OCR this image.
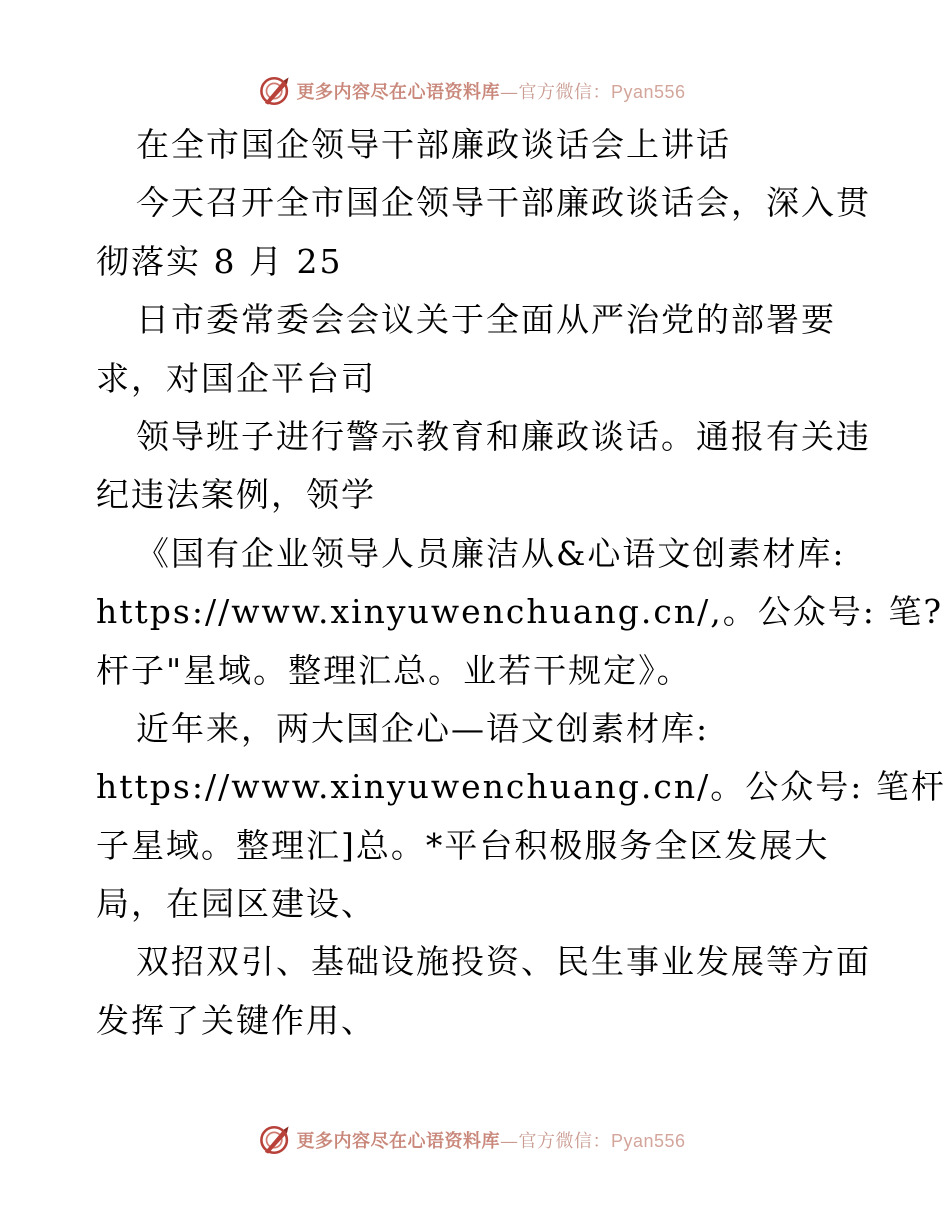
更多内容尽在心语资料库—官方微信：Pyan556
在全市国企领导干部廉政谈话会上讲话
今天召开全市国企领导干部廉政谈话会，深入贯
彻落实 8 月 25
日市委常委会会议关于全面从严治党的部署要
求，对国企平台司
领导班子进行警示教育和廉政谈话。通报有关违
纪违法案例，领学
《国有企业领导人员廉洁从&心语文创素材库:
https://www.xinyuwenchuang.cn/,。公众号: 笔?
杆子"星域。整理汇总。业若干规定》。
近年来，两大国企心—语文创素材库:
https://www.xinyuwenchuang.cn/。公众号: 笔杆
子星域。整理汇]总。*平台积极服务全区发展大
局，在园区建设、
双招双引、基础设施投资、民生事业发展等方面
发挥了关键作用、
更多内容尽在心语资料库—官方微信：Pyan556
